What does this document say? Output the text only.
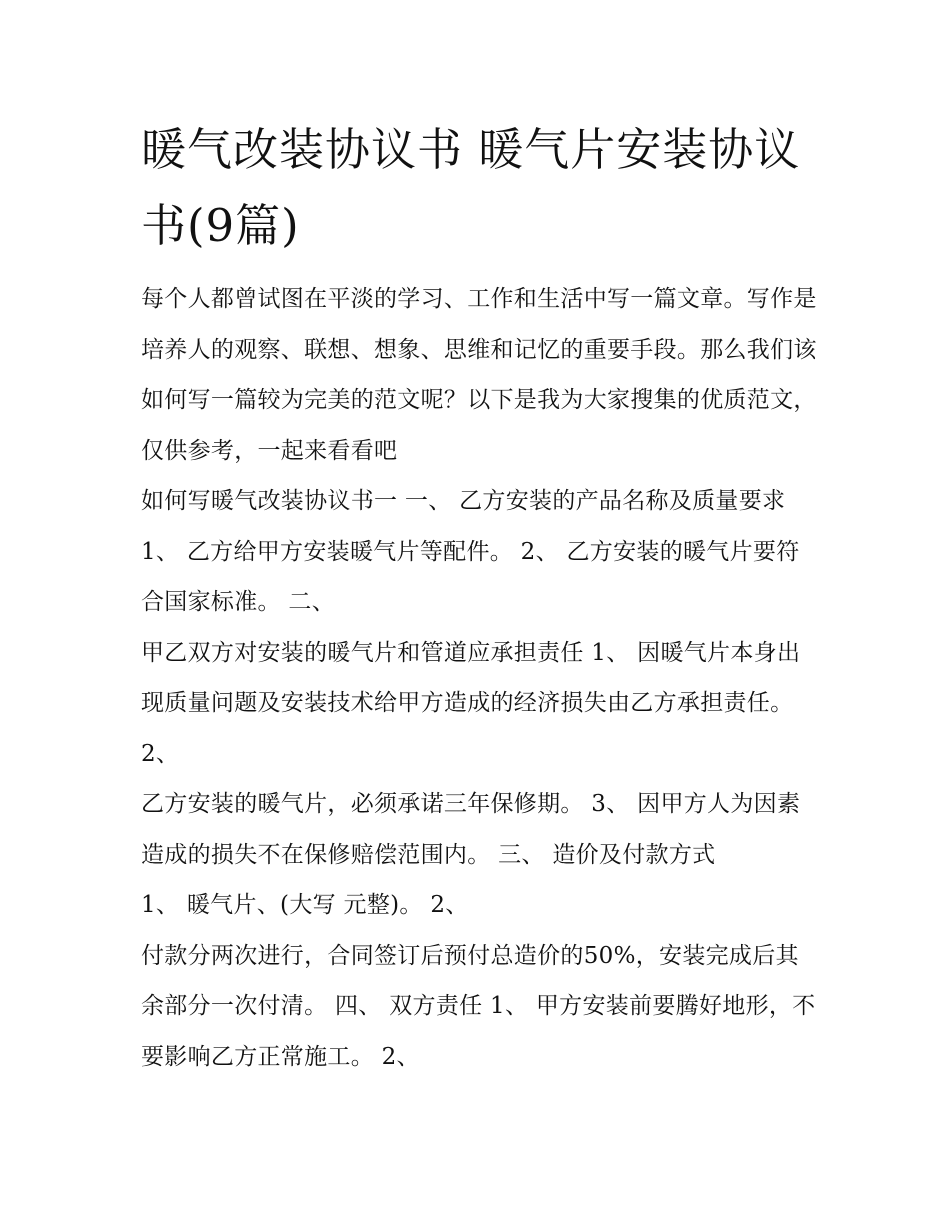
暖气改装协议书 暖气片安装协议书(9篇)

每个人都曾试图在平淡的学习、工作和生活中写一篇文章。写作是培养人的观察、联想、想象、思维和记忆的重要手段。那么我们该如何写一篇较为完美的范文呢？以下是我为大家搜集的优质范文，仅供参考，一起来看看吧

如何写暖气改装协议书一 一、 乙方安装的产品名称及质量要求 1、 乙方给甲方安装暖气片等配件。 2、 乙方安装的暖气片要符合国家标准。 二、

甲乙双方对安装的暖气片和管道应承担责任 1、 因暖气片本身出现质量问题及安装技术给甲方造成的经济损失由乙方承担责任。 2、

乙方安装的暖气片，必须承诺三年保修期。 3、 因甲方人为因素造成的损失不在保修赔偿范围内。 三、 造价及付款方式

1、 暖气片、(大写 元整)。 2、

付款分两次进行，合同签订后预付总造价的50%，安装完成后其余部分一次付清。 四、 双方责任 1、 甲方安装前要腾好地形，不要影响乙方正常施工。 2、
